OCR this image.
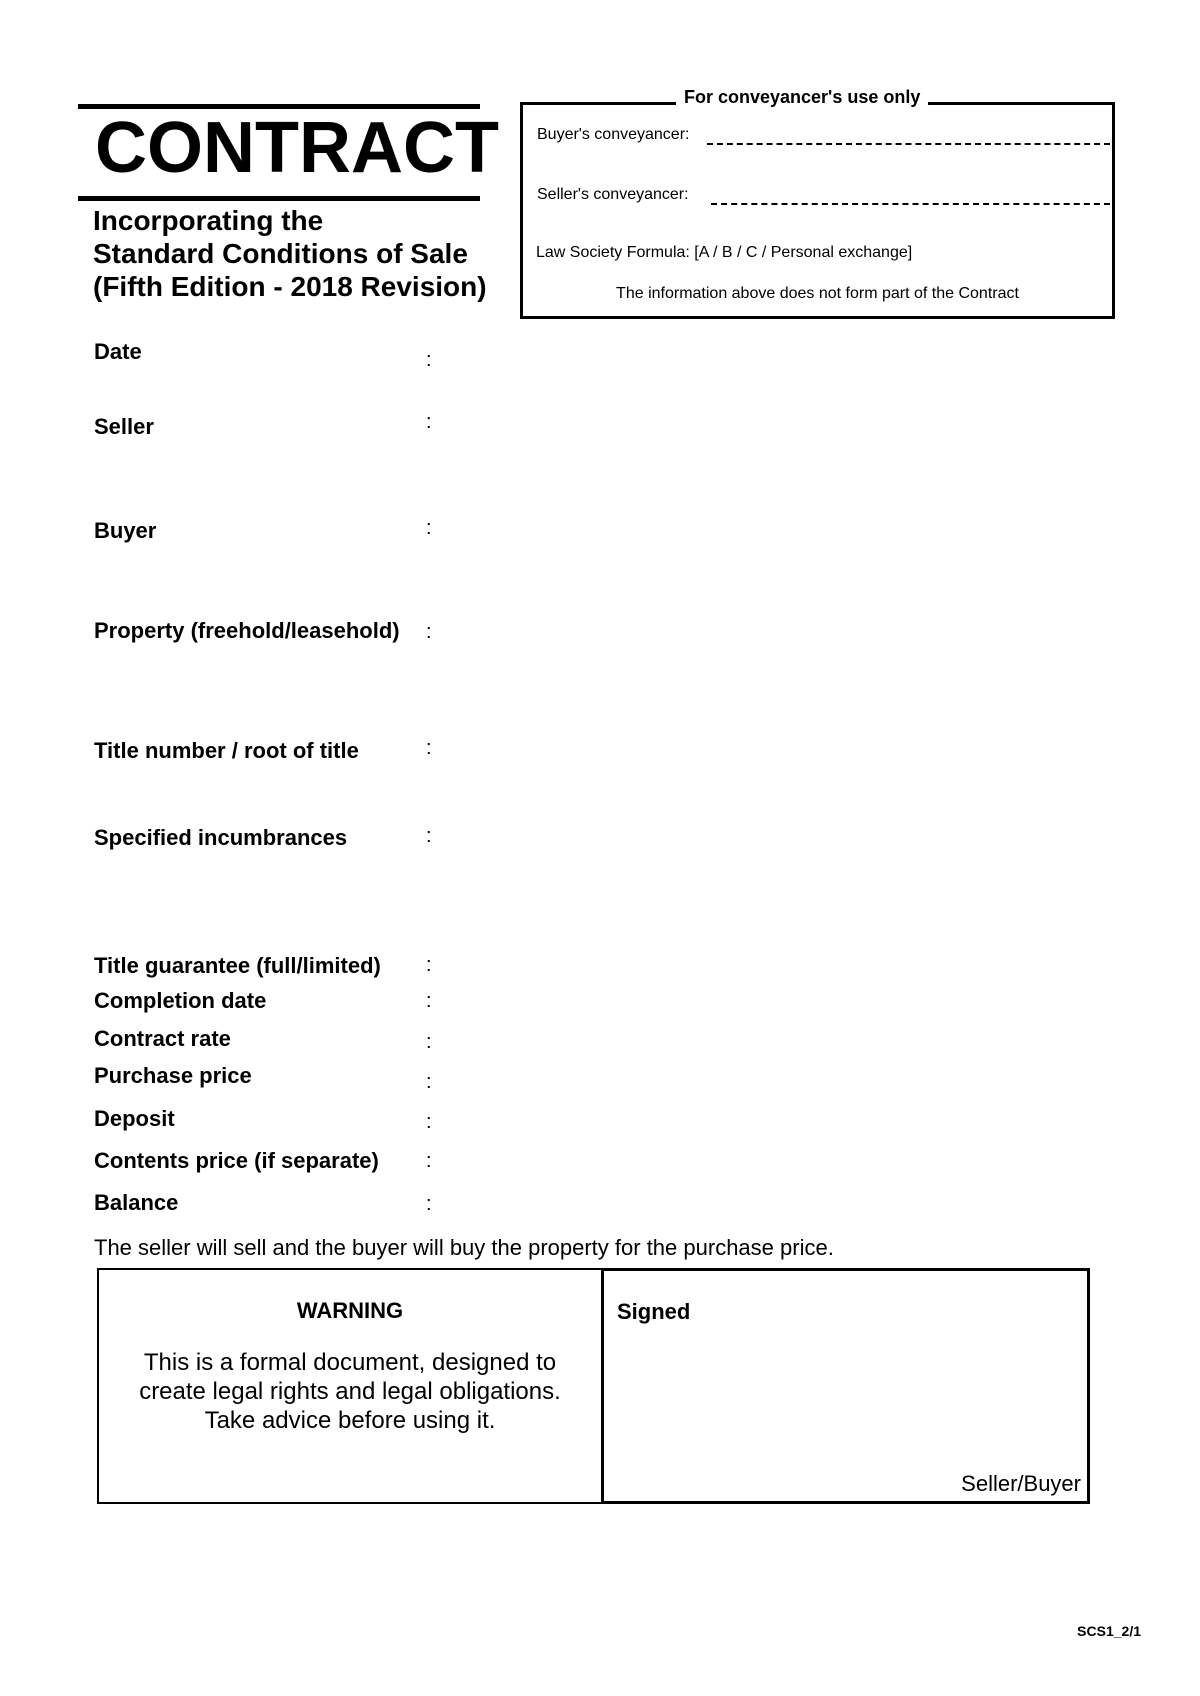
CONTRACT
Incorporating the
Standard Conditions of Sale
(Fifth Edition - 2018 Revision)
For conveyancer's use only
Buyer's conveyancer:
Seller's conveyancer:
Law Society Formula: [A / B / C / Personal exchange]
The information above does not form part of the Contract
Date	:
Seller	:
Buyer	:
Property (freehold/leasehold) :
Title number / root of title	:
Specified incumbrances	:
Title guarantee (full/limited) :
Completion date	:
Contract rate	:
Purchase price	:
Deposit	:
Contents price (if separate) :
Balance	:
The seller will sell and the buyer will buy the property for the purchase price.
WARNING
This is a formal document, designed to
create legal rights and legal obligations.
Take advice before using it.
Signed
Seller/Buyer
SCS1_2/1
